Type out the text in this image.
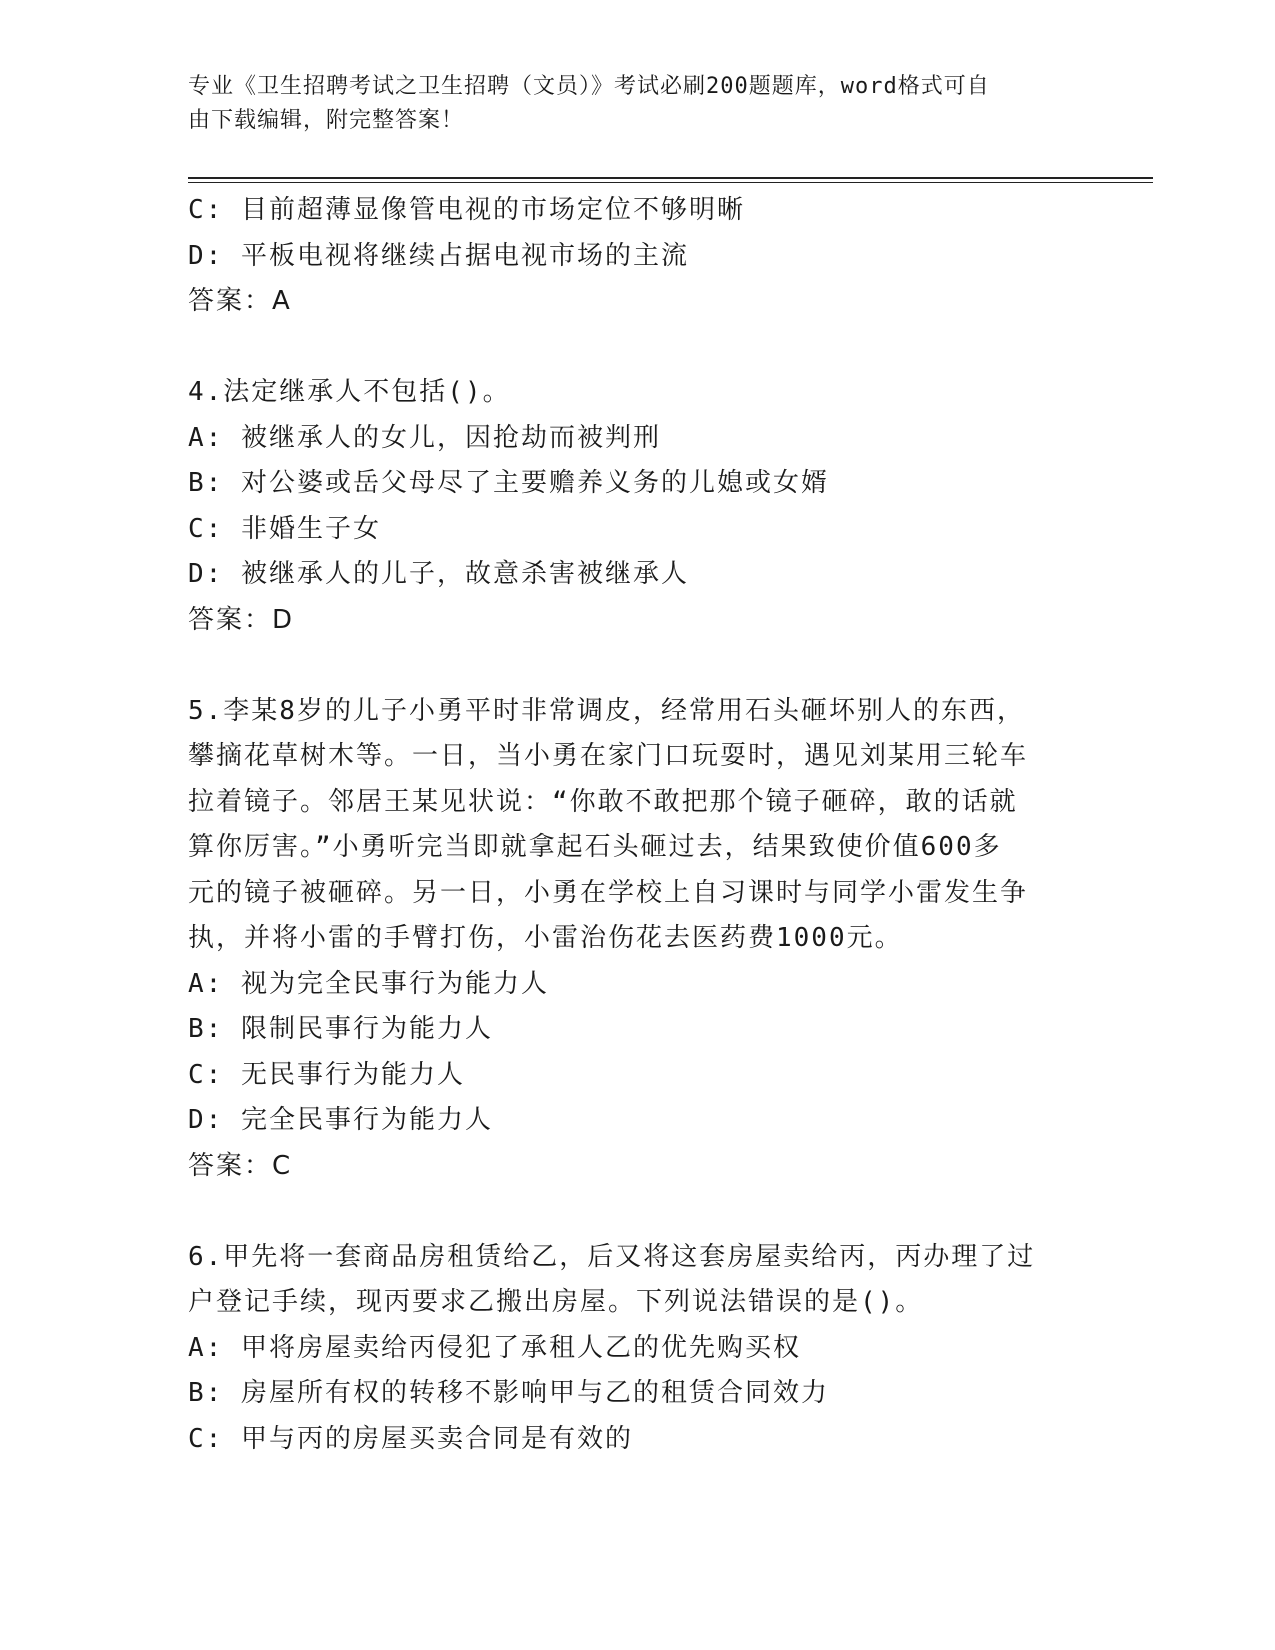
专业《卫生招聘考试之卫生招聘（文员）》考试必刷200题题库，word格式可自
由下载编辑，附完整答案！
C: 目前超薄显像管电视的市场定位不够明晰
D: 平板电视将继续占据电视市场的主流
答案：A
4.法定继承人不包括()。
A: 被继承人的女儿，因抢劫而被判刑
B: 对公婆或岳父母尽了主要赡养义务的儿媳或女婿
C: 非婚生子女
D: 被继承人的儿子，故意杀害被继承人
答案：D
5.李某8岁的儿子小勇平时非常调皮，经常用石头砸坏别人的东西，
攀摘花草树木等。一日，当小勇在家门口玩耍时，遇见刘某用三轮车
拉着镜子。邻居王某见状说：“你敢不敢把那个镜子砸碎，敢的话就
算你厉害。”小勇听完当即就拿起石头砸过去，结果致使价值600多
元的镜子被砸碎。另一日，小勇在学校上自习课时与同学小雷发生争
执，并将小雷的手臂打伤，小雷治伤花去医药费1000元。
A: 视为完全民事行为能力人
B: 限制民事行为能力人
C: 无民事行为能力人
D: 完全民事行为能力人
答案：C
6.甲先将一套商品房租赁给乙，后又将这套房屋卖给丙，丙办理了过
户登记手续，现丙要求乙搬出房屋。下列说法错误的是()。
A: 甲将房屋卖给丙侵犯了承租人乙的优先购买权
B: 房屋所有权的转移不影响甲与乙的租赁合同效力
C: 甲与丙的房屋买卖合同是有效的
